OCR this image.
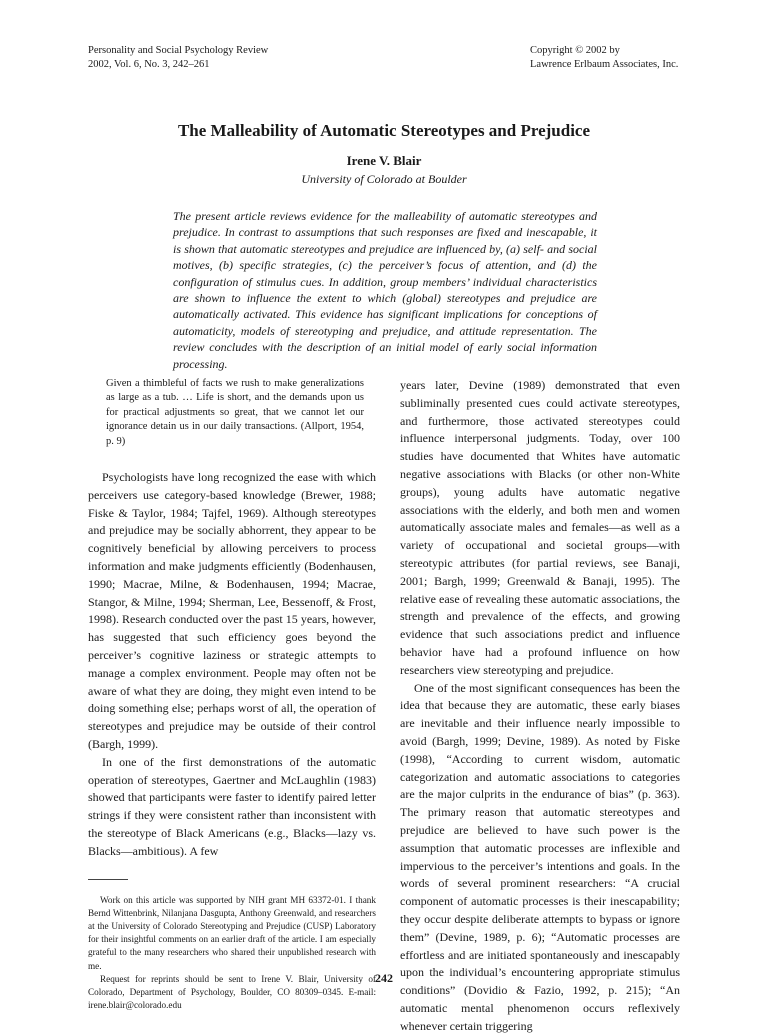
Personality and Social Psychology Review
2002, Vol. 6, No. 3, 242–261
Copyright © 2002 by
Lawrence Erlbaum Associates, Inc.
The Malleability of Automatic Stereotypes and Prejudice
Irene V. Blair
University of Colorado at Boulder

The present article reviews evidence for the malleability of automatic stereotypes and prejudice. In contrast to assumptions that such responses are fixed and inescapable, it is shown that automatic stereotypes and prejudice are influenced by, (a) self- and social motives, (b) specific strategies, (c) the perceiver’s focus of attention, and (d) the configuration of stimulus cues. In addition, group members’ individual characteristics are shown to influence the extent to which (global) stereotypes and prejudice are automatically activated. This evidence has significant implications for conceptions of automaticity, models of stereotyping and prejudice, and attitude representation. The review concludes with the description of an initial model of early social information processing.

Given a thimbleful of facts we rush to make generalizations as large as a tub. … Life is short, and the demands upon us for practical adjustments so great, that we cannot let our ignorance detain us in our daily transactions. (Allport, 1954, p. 9)

Psychologists have long recognized the ease with which perceivers use category-based knowledge (Brewer, 1988; Fiske & Taylor, 1984; Tajfel, 1969). Although stereotypes and prejudice may be socially abhorrent, they appear to be cognitively beneficial by allowing perceivers to process information and make judgments efficiently (Bodenhausen, 1990; Macrae, Milne, & Bodenhausen, 1994; Macrae, Stangor, & Milne, 1994; Sherman, Lee, Bessenoff, & Frost, 1998). Research conducted over the past 15 years, however, has suggested that such efficiency goes beyond the perceiver’s cognitive laziness or strategic attempts to manage a complex environment. People may often not be aware of what they are doing, they might even intend to be doing something else; perhaps worst of all, the operation of stereotypes and prejudice may be outside of their control (Bargh, 1999).

In one of the first demonstrations of the automatic operation of stereotypes, Gaertner and McLaughlin (1983) showed that participants were faster to identify paired letter strings if they were consistent rather than inconsistent with the stereotype of Black Americans (e.g., Blacks—lazy vs. Blacks—ambitious). A few

Work on this article was supported by NIH grant MH 63372-01. I thank Bernd Wittenbrink, Nilanjana Dasgupta, Anthony Greenwald, and researchers at the University of Colorado Stereotyping and Prejudice (CUSP) Laboratory for their insightful comments on an earlier draft of the article. I am especially grateful to the many researchers who shared their unpublished research with me.

Request for reprints should be sent to Irene V. Blair, University of Colorado, Department of Psychology, Boulder, CO 80309–0345. E-mail: irene.blair@colorado.edu

years later, Devine (1989) demonstrated that even subliminally presented cues could activate stereotypes, and furthermore, those activated stereotypes could influence interpersonal judgments. Today, over 100 studies have documented that Whites have automatic negative associations with Blacks (or other non-White groups), young adults have automatic negative associations with the elderly, and both men and women automatically associate males and females—as well as a variety of occupational and societal groups—with stereotypic attributes (for partial reviews, see Banaji, 2001; Bargh, 1999; Greenwald & Banaji, 1995). The relative ease of revealing these automatic associations, the strength and prevalence of the effects, and growing evidence that such associations predict and influence behavior have had a profound influence on how researchers view stereotyping and prejudice.

One of the most significant consequences has been the idea that because they are automatic, these early biases are inevitable and their influence nearly impossible to avoid (Bargh, 1999; Devine, 1989). As noted by Fiske (1998), “According to current wisdom, automatic categorization and automatic associations to categories are the major culprits in the endurance of bias” (p. 363). The primary reason that automatic stereotypes and prejudice are believed to have such power is the assumption that automatic processes are inflexible and impervious to the perceiver’s intentions and goals. In the words of several prominent researchers: “A crucial component of automatic processes is their inescapability; they occur despite deliberate attempts to bypass or ignore them” (Devine, 1989, p. 6); “Automatic processes are effortless and are initiated spontaneously and inescapably upon the individual’s encountering appropriate stimulus conditions” (Dovidio & Fazio, 1992, p. 215); “An automatic mental phenomenon occurs reflexively whenever certain triggering

242
